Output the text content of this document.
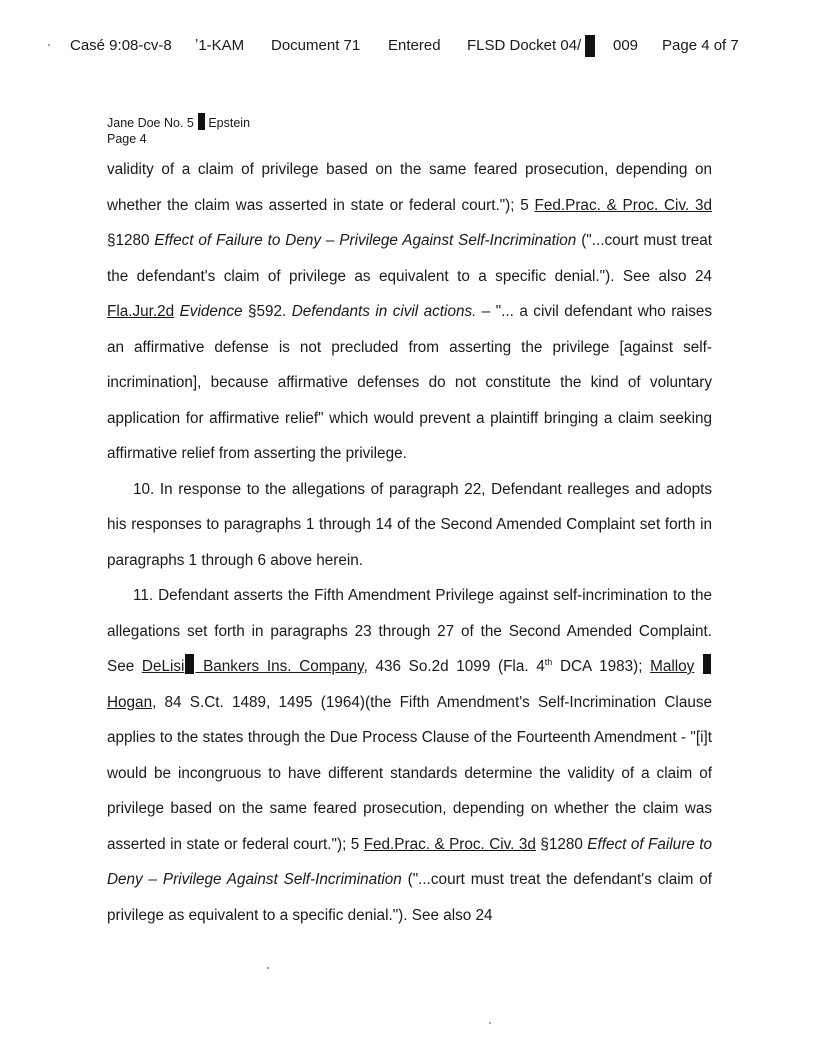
Casé 9:08-cv-8 ʼ1-KAM Document 71 Entered FLSD Docket 04/ 009 Page 4 of 7
Jane Doe No. 5 Epstein
Page 4

validity of a claim of privilege based on the same feared prosecution, depending on whether the claim was asserted in state or federal court."); 5 Fed.Prac. & Proc. Civ. 3d §1280 Effect of Failure to Deny – Privilege Against Self-Incrimination ("...court must treat the defendant's claim of privilege as equivalent to a specific denial."). See also 24 Fla.Jur.2d Evidence §592. Defendants in civil actions. – "... a civil defendant who raises an affirmative defense is not precluded from asserting the privilege [against self-incrimination], because affirmative defenses do not constitute the kind of voluntary application for affirmative relief" which would prevent a plaintiff bringing a claim seeking affirmative relief from asserting the privilege.

10. In response to the allegations of paragraph 22, Defendant realleges and adopts his responses to paragraphs 1 through 14 of the Second Amended Complaint set forth in paragraphs 1 through 6 above herein.

11. Defendant asserts the Fifth Amendment Privilege against self-incrimination to the allegations set forth in paragraphs 23 through 27 of the Second Amended Complaint. See DeLisi Bankers Ins. Company, 436 So.2d 1099 (Fla. 4th DCA 1983); Malloy  Hogan, 84 S.Ct. 1489, 1495 (1964)(the Fifth Amendment's Self-Incrimination Clause applies to the states through the Due Process Clause of the Fourteenth Amendment - "[i]t would be incongruous to have different standards determine the validity of a claim of privilege based on the same feared prosecution, depending on whether the claim was asserted in state or federal court."); 5 Fed.Prac. & Proc. Civ. 3d §1280 Effect of Failure to Deny – Privilege Against Self-Incrimination ("...court must treat the defendant's claim of privilege as equivalent to a specific denial."). See also 24
